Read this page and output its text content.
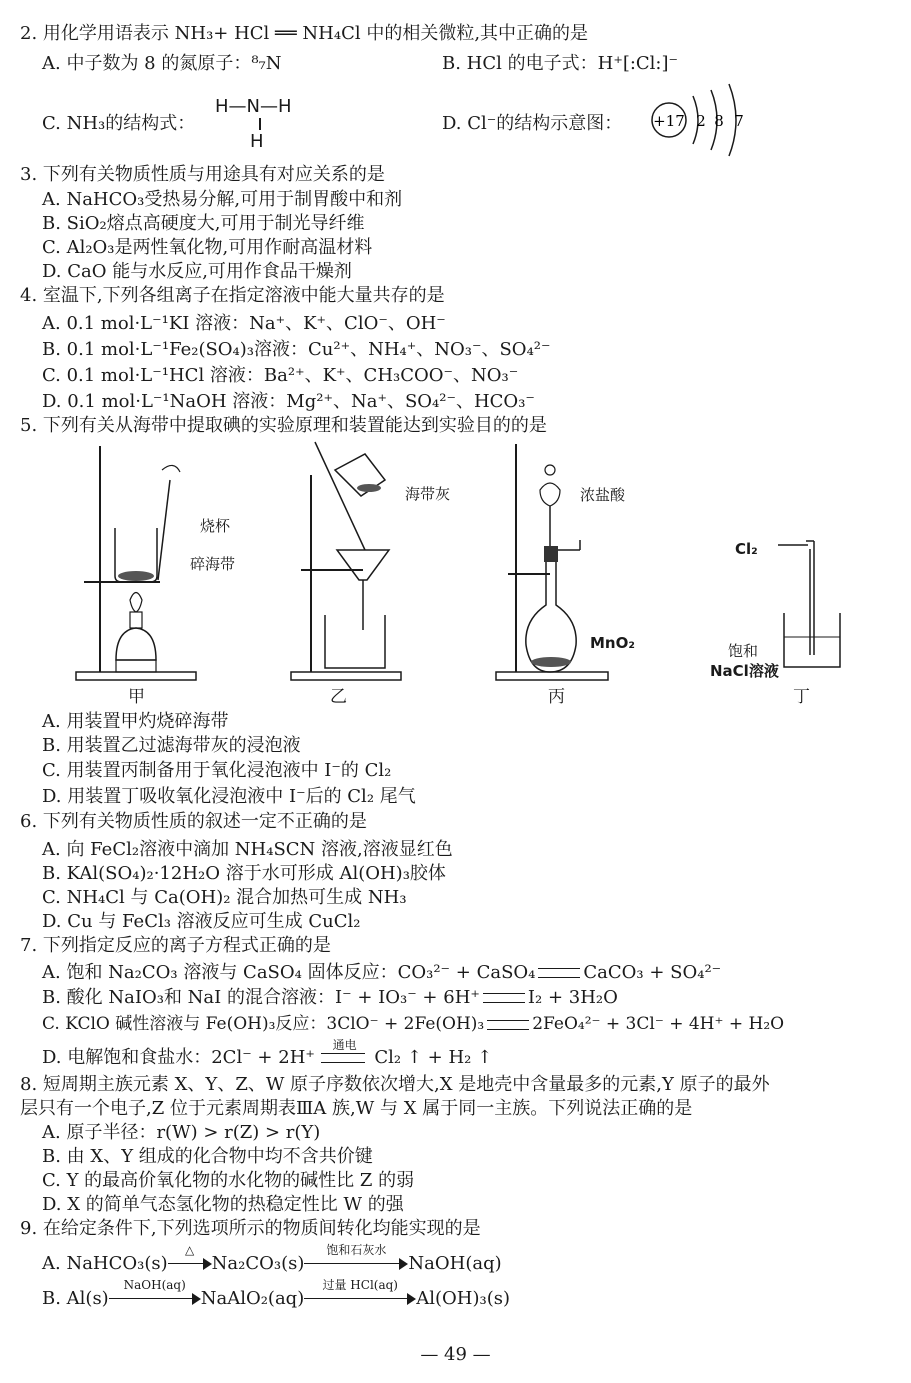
2. 用化学用语表示 NH₃+ HCl ══ NH₄Cl 中的相关微粒,其中正确的是
A. 中子数为 8 的氮原子：⁸₇N	B. HCl 的电子式：H⁺[:Cl:]⁻
C. NH₃的结构式：
H—N—H
H
D. Cl⁻的结构示意图： +17 2 8 7
3. 下列有关物质性质与用途具有对应关系的是
A. NaHCO₃受热易分解,可用于制胃酸中和剂
B. SiO₂熔点高硬度大,可用于制光导纤维
C. Al₂O₃是两性氧化物,可用作耐高温材料
D. CaO 能与水反应,可用作食品干燥剂
4. 室温下,下列各组离子在指定溶液中能大量共存的是
A. 0.1 mol·L⁻¹KI 溶液：Na⁺、K⁺、ClO⁻、OH⁻
B. 0.1 mol·L⁻¹Fe₂(SO₄)₃溶液：Cu²⁺、NH₄⁺、NO₃⁻、SO₄²⁻
C. 0.1 mol·L⁻¹HCl 溶液：Ba²⁺、K⁺、CH₃COO⁻、NO₃⁻
D. 0.1 mol·L⁻¹NaOH 溶液：Mg²⁺、Na⁺、SO₄²⁻、HCO₃⁻
5. 下列有关从海带中提取碘的实验原理和装置能达到实验目的的是
烧杯
碎海带
甲
海带灰
乙
浓盐酸
MnO₂
丙
Cl₂
饱和
NaCl溶液
丁
A. 用装置甲灼烧碎海带
B. 用装置乙过滤海带灰的浸泡液
C. 用装置丙制备用于氧化浸泡液中 I⁻的 Cl₂
D. 用装置丁吸收氧化浸泡液中 I⁻后的 Cl₂ 尾气
6. 下列有关物质性质的叙述一定不正确的是
A. 向 FeCl₂溶液中滴加 NH₄SCN 溶液,溶液显红色
B. KAl(SO₄)₂·12H₂O 溶于水可形成 Al(OH)₃胶体
C. NH₄Cl 与 Ca(OH)₂ 混合加热可生成 NH₃
D. Cu 与 FeCl₃ 溶液反应可生成 CuCl₂
7. 下列指定反应的离子方程式正确的是
A. 饱和 Na₂CO₃ 溶液与 CaSO₄ 固体反应：CO₃²⁻ + CaSO₄	CaCO₃ + SO₄²⁻
B. 酸化 NaIO₃和 NaI 的混合溶液：I⁻ + IO₃⁻ + 6H⁺	I₂ + 3H₂O
C. KClO 碱性溶液与 Fe(OH)₃反应：3ClO⁻ + 2Fe(OH)₃	2FeO₄²⁻ + 3Cl⁻ + 4H⁺ + H₂O
D. 电解饱和食盐水：2Cl⁻ + 2H⁺
通电
Cl₂ ↑ + H₂ ↑
8. 短周期主族元素 X、Y、Z、W 原子序数依次增大,X 是地壳中含量最多的元素,Y 原子的最外
层只有一个电子,Z 位于元素周期表ⅢA 族,W 与 X 属于同一主族。下列说法正确的是
A. 原子半径：r(W) > r(Z) > r(Y)
B. 由 X、Y 组成的化合物中均不含共价键
C. Y 的最高价氧化物的水化物的碱性比 Z 的弱
D. X 的简单气态氢化物的热稳定性比 W 的强
9. 在给定条件下,下列选项所示的物质间转化均能实现的是
A. NaHCO₃(s)
△
Na₂CO₃(s)
饱和石灰水
NaOH(aq)
B. Al(s)
NaOH(aq)
NaAlO₂(aq)
过量 HCl(aq)
Al(OH)₃(s)
— 49 —
